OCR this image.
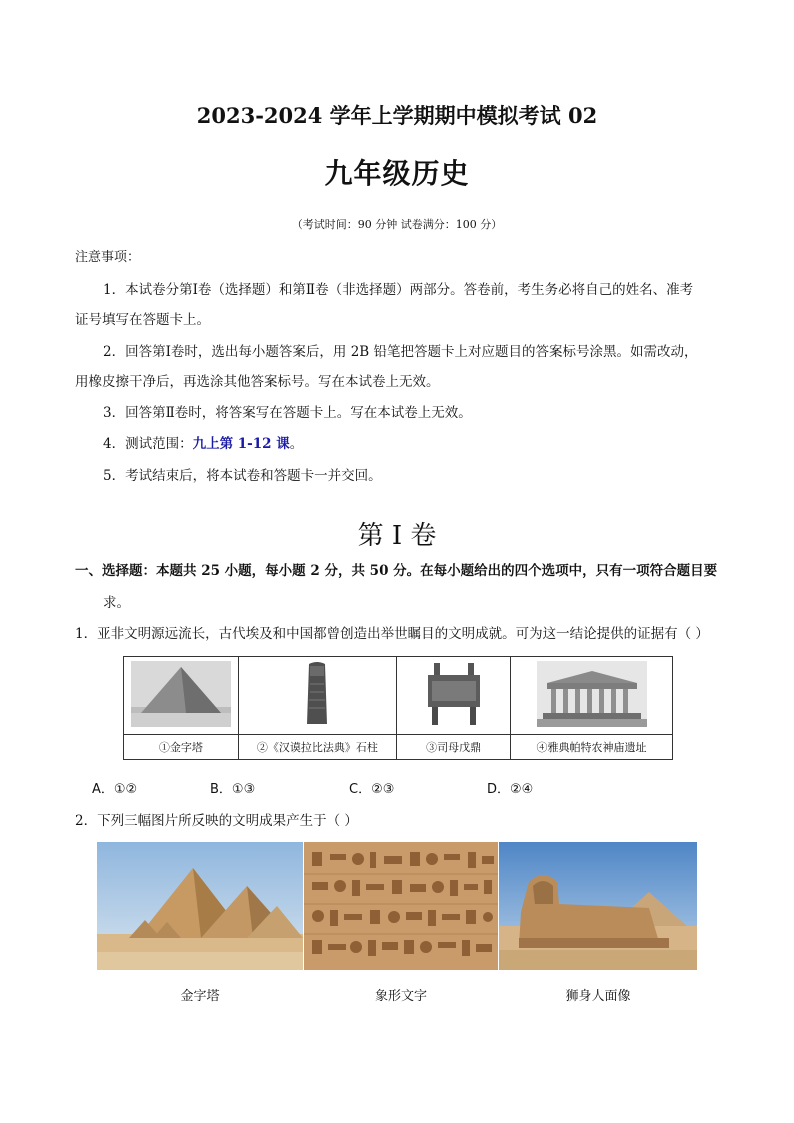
2023-2024 学年上学期期中模拟考试 02
九年级历史
（考试时间：90 分钟 试卷满分：100 分）
注意事项：
1．本试卷分第Ⅰ卷（选择题）和第Ⅱ卷（非选择题）两部分。答卷前，考生务必将自己的姓名、准考
证号填写在答题卡上。
2．回答第Ⅰ卷时，选出每小题答案后，用 2B 铅笔把答题卡上对应题目的答案标号涂黑。如需改动，
用橡皮擦干净后，再选涂其他答案标号。写在本试卷上无效。
3．回答第Ⅱ卷时，将答案写在答题卡上。写在本试卷上无效。
4．测试范围：九上第 1-12 课。
5．考试结束后，将本试卷和答题卡一并交回。
第 I 卷
一、选择题：本题共 25 小题，每小题 2 分，共 50 分。在每小题给出的四个选项中，只有一项符合题目要
求。
1．亚非文明源远流长，古代埃及和中国都曾创造出举世瞩目的文明成就。可为这一结论提供的证据有（ ）

①金字塔	②《汉谟拉比法典》石柱	③司母戊鼎	④雅典帕特农神庙遗址
A．①②	B．①③	C．②③	D．②④
2．下列三幅图片所反映的文明成果产生于（ ）
金字塔	象形文字	狮身人面像
